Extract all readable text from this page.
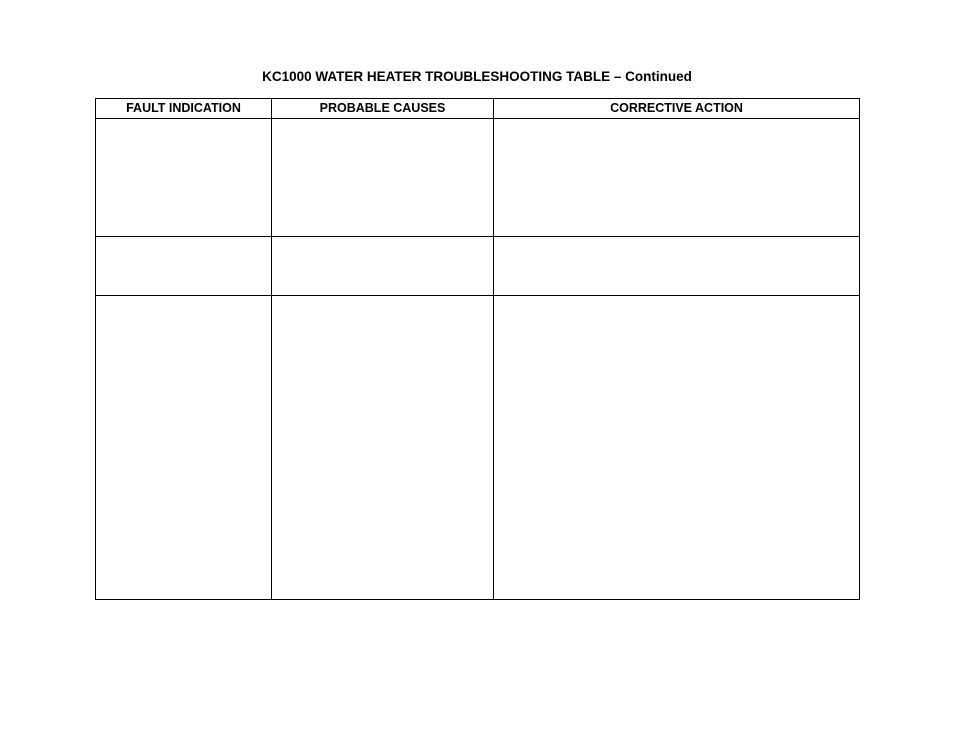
KC1000 WATER HEATER TROUBLESHOOTING TABLE – Continued
FAULT INDICATION	PROBABLE CAUSES	CORRECTIVE ACTION
